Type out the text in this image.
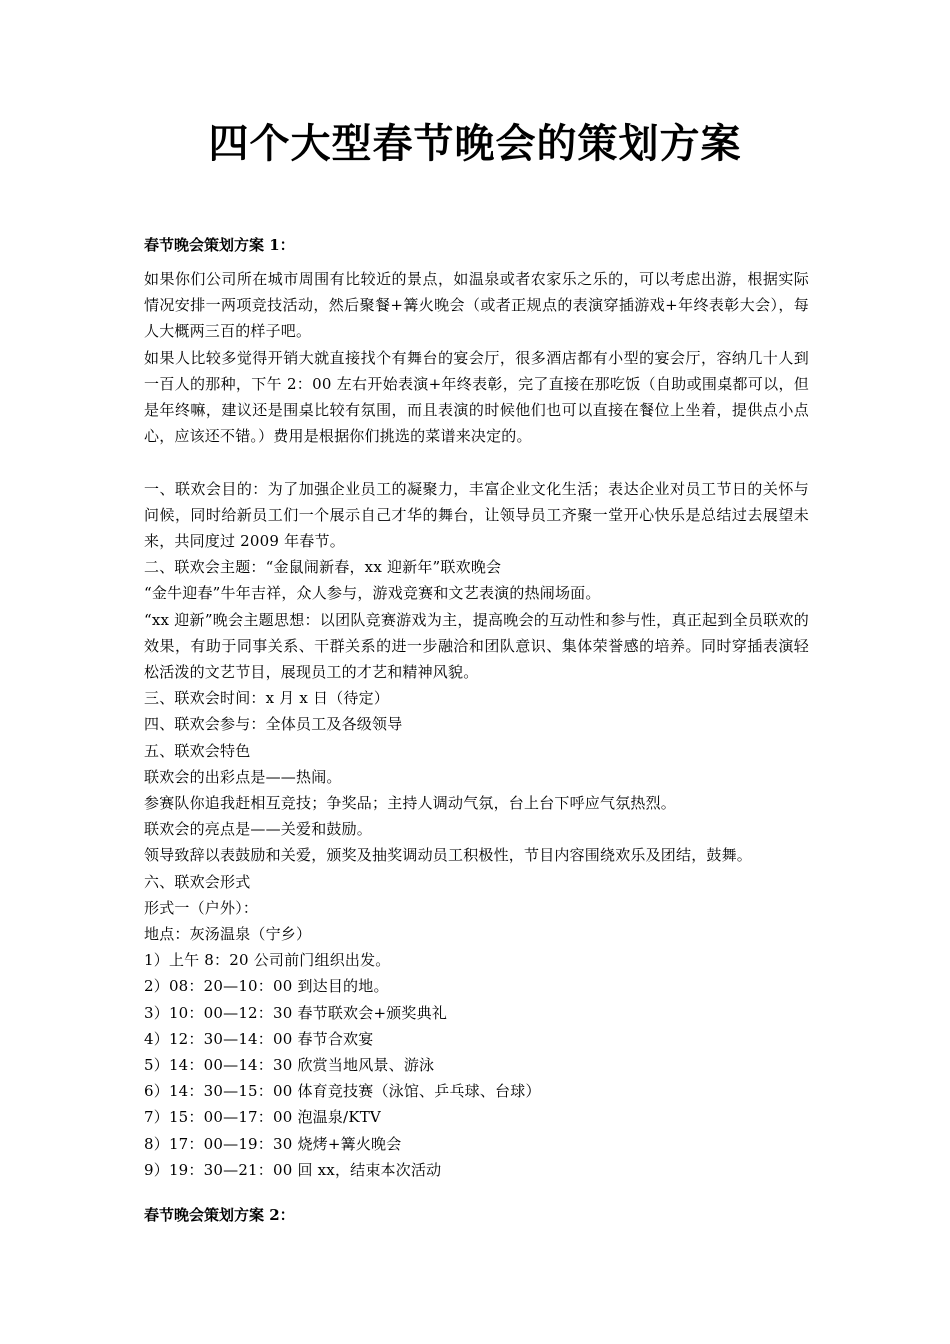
四个大型春节晚会的策划方案
春节晚会策划方案 1：

如果你们公司所在城市周围有比较近的景点，如温泉或者农家乐之乐的，可以考虑出游，根据实际情况安排一两项竞技活动，然后聚餐+篝火晚会（或者正规点的表演穿插游戏+年终表彰大会），每人大概两三百的样子吧。

如果人比较多觉得开销大就直接找个有舞台的宴会厅，很多酒店都有小型的宴会厅，容纳几十人到一百人的那种，下午 2：00 左右开始表演+年终表彰，完了直接在那吃饭（自助或围桌都可以，但是年终嘛，建议还是围桌比较有氛围，而且表演的时候他们也可以直接在餐位上坐着，提供点小点心，应该还不错。）费用是根据你们挑选的菜谱来决定的。

一、联欢会目的：为了加强企业员工的凝聚力，丰富企业文化生活；表达企业对员工节日的关怀与问候，同时给新员工们一个展示自己才华的舞台，让领导员工齐聚一堂开心快乐是总结过去展望未来，共同度过 2009 年春节。

二、联欢会主题：“金鼠闹新春，xx 迎新年”联欢晚会

“金牛迎春”牛年吉祥，众人参与，游戏竞赛和文艺表演的热闹场面。

“xx 迎新”晚会主题思想：以团队竞赛游戏为主，提高晚会的互动性和参与性，真正起到全员联欢的效果，有助于同事关系、干群关系的进一步融洽和团队意识、集体荣誉感的培养。同时穿插表演轻松活泼的文艺节目，展现员工的才艺和精神风貌。

三、联欢会时间：x 月 x 日（待定）

四、联欢会参与：全体员工及各级领导

五、联欢会特色

联欢会的出彩点是——热闹。

参赛队你追我赶相互竞技；争奖品；主持人调动气氛，台上台下呼应气氛热烈。

联欢会的亮点是——关爱和鼓励。

领导致辞以表鼓励和关爱，颁奖及抽奖调动员工积极性，节目内容围绕欢乐及团结，鼓舞。

六、联欢会形式

形式一（户外）：

地点：灰汤温泉（宁乡）

1）上午 8：20 公司前门组织出发。

2）08：20—10：00 到达目的地。

3）10：00—12：30 春节联欢会+颁奖典礼

4）12：30—14：00 春节合欢宴

5）14：00—14：30 欣赏当地风景、游泳

6）14：30—15：00 体育竞技赛（泳馆、乒乓球、台球）

7）15：00—17：00 泡温泉/KTV

8）17：00—19：30 烧烤+篝火晚会

9）19：30—21：00 回 xx，结束本次活动

春节晚会策划方案 2：
